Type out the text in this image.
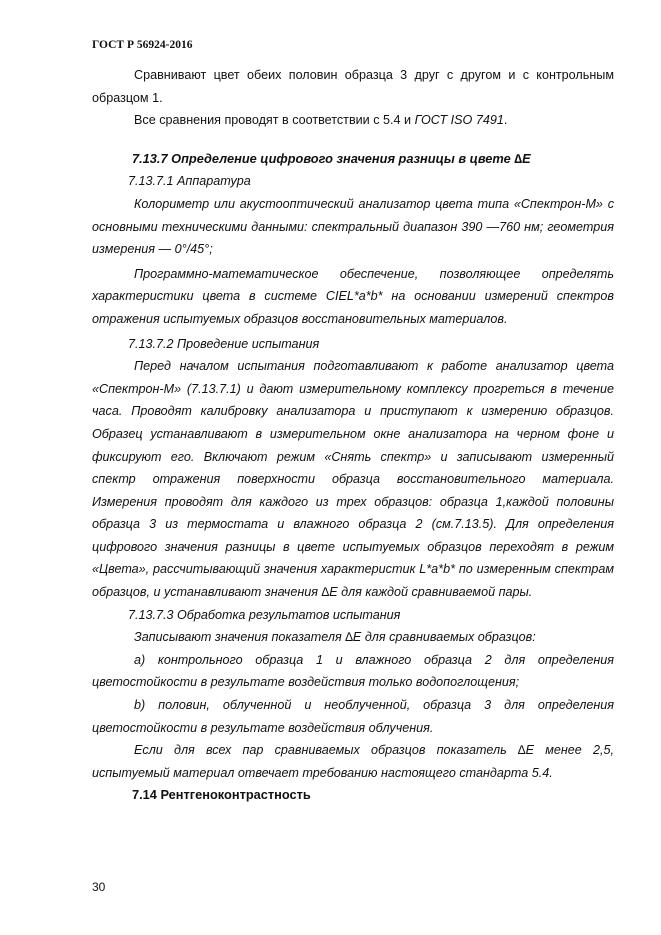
ГОСТ Р 56924-2016

Сравнивают цвет обеих половин образца 3 друг с другом и с контрольным образцом 1.

Все сравнения проводят в соответствии с 5.4 и ГОСТ ISO 7491.

7.13.7 Определение цифрового значения разницы в цвете ∆E

7.13.7.1 Аппаратура

Колориметр или акустооптический анализатор цвета типа «Спектрон-М» с основными техническими данными: спектральный диапазон 390 —760 нм; геометрия измерения — 0°/45°;

Программно-математическое обеспечение, позволяющее определять характеристики цвета в системе CIEL*a*b* на основании измерений спектров отражения испытуемых образцов восстановительных материалов.

7.13.7.2 Проведение испытания

Перед началом испытания подготавливают к работе анализатор цвета «Спектрон-М» (7.13.7.1) и дают измерительному комплексу прогреться в течение часа. Проводят калибровку анализатора и приступают к измерению образцов. Образец устанавливают в измерительном окне анализатора на черном фоне и фиксируют его. Включают режим «Снять спектр» и записывают измеренный спектр отражения поверхности образца восстановительного материала. Измерения проводят для каждого из трех образцов: образца 1,каждой половины образца 3 из термостата и влажного образца 2 (см.7.13.5). Для определения цифрового значения разницы в цвете испытуемых образцов переходят в режим «Цвета», рассчитывающий значения характеристик L*a*b* по измеренным спектрам образцов, и устанавливают значения ∆E для каждой сравниваемой пары.

7.13.7.3 Обработка результатов испытания

Записывают значения показателя ∆E для сравниваемых образцов:

а) контрольного образца 1 и влажного образца 2 для определения цветостойкости в результате воздействия только водопоглощения;

b) половин, облученной и необлученной, образца 3 для определения цветостойкости в результате воздействия облучения.

Если для всех пар сравниваемых образцов показатель ∆E менее 2,5, испытуемый материал отвечает требованию настоящего стандарта 5.4.

7.14 Рентгеноконтрастность

30
